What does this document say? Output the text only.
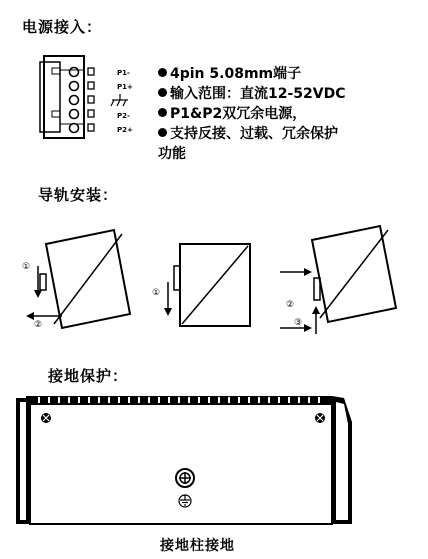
电源接入：
P1-
P1+
P2-
P2+
4pin 5.08mm端子
输入范围：直流12-52VDC
P1&P2双冗余电源，
支持反接、过载、冗余保护
功能
导轨安装：
①
②
①
②
③
接地保护：
接地柱接地
